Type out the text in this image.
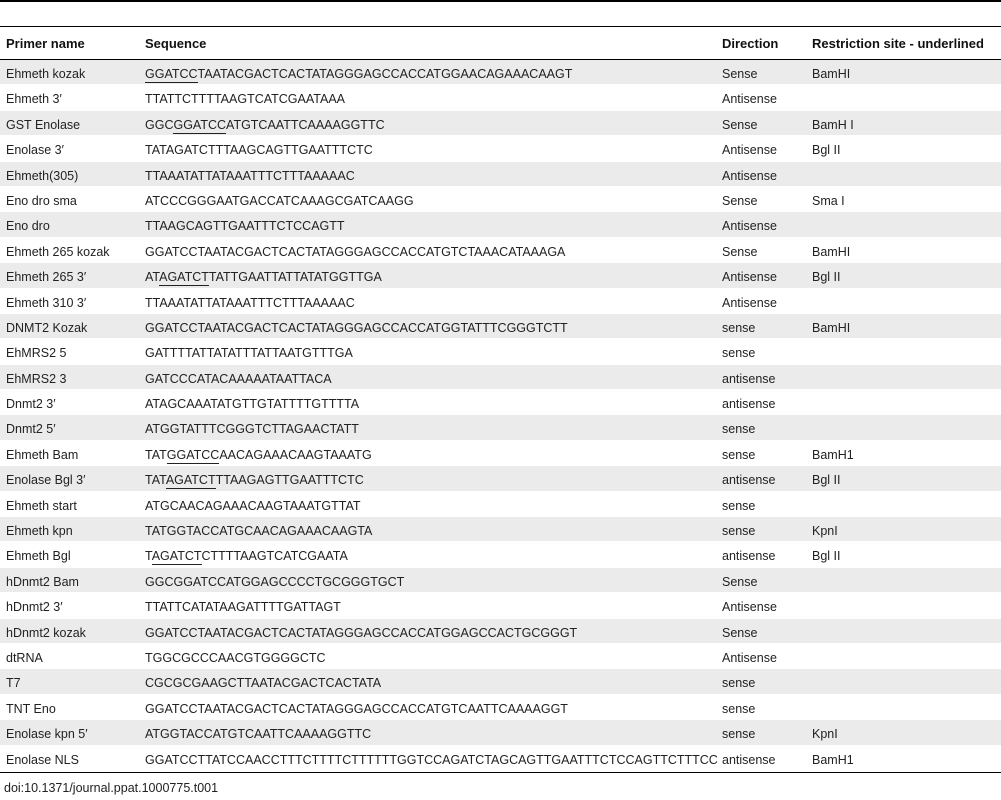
Primer name	Sequence	Direction	Restriction site - underlined
Ehmeth kozak	GGATCCTAATACGACTCACTATAGGGAGCCACCATGGAACAGAAACAAGT	Sense	BamHI
Ehmeth 3′	TTATTCTTTTAAGTCATCGAATAAA	Antisense
GST Enolase	GGCGGATCCATGTCAATTCAAAAGGTTC	Sense	BamH I
Enolase 3′	TATAGATCTTTAAGCAGTTGAATTTCTC	Antisense	Bgl II
Ehmeth(305)	TTAAATATTATAAATTTCTTTAAAAAC	Antisense
Eno dro sma	ATCCCGGGAATGACCATCAAAGCGATCAAGG	Sense	Sma I
Eno dro	TTAAGCAGTTGAATTTCTCCAGTT	Antisense
Ehmeth 265 kozak	GGATCCTAATACGACTCACTATAGGGAGCCACCATGTCTAAACATAAAGA	Sense	BamHI
Ehmeth 265 3′	ATAGATCTTATTGAATTATTATATGGTTGA	Antisense	Bgl II
Ehmeth 310 3′	TTAAATATTATAAATTTCTTTAAAAAC	Antisense
DNMT2 Kozak	GGATCCTAATACGACTCACTATAGGGAGCCACCATGGTATTTCGGGTCTT	sense	BamHI
EhMRS2 5	GATTTTATTATATTTATTAATGTTTGA	sense
EhMRS2 3	GATCCCATACAAAAATAATTACA	antisense
Dnmt2 3′	ATAGCAAATATGTTGTATTTTGTTTTA	antisense
Dnmt2 5′	ATGGTATTTCGGGTCTTAGAACTATT	sense
Ehmeth Bam	TATGGATCCAACAGAAACAAGTAAATG	sense	BamH1
Enolase Bgl 3′	TATAGATCTTTAAGAGTTGAATTTCTC	antisense	Bgl II
Ehmeth start	ATGCAACAGAAACAAGTAAATGTTAT	sense
Ehmeth kpn	TATGGTACCATGCAACAGAAACAAGTA	sense	KpnI
Ehmeth Bgl	TAGATCTCTTTTAAGTCATCGAATA	antisense	Bgl II
hDnmt2 Bam	GGCGGATCCATGGAGCCCCTGCGGGTGCT	Sense
hDnmt2 3′	TTATTCATATAAGATTTTGATTAGT	Antisense
hDnmt2 kozak	GGATCCTAATACGACTCACTATAGGGAGCCACCATGGAGCCACTGCGGGT	Sense
dtRNA	TGGCGCCCAACGTGGGGCTC	Antisense
T7	CGCGCGAAGCTTAATACGACTCACTATA	sense
TNT Eno	GGATCCTAATACGACTCACTATAGGGAGCCACCATGTCAATTCAAAAGGT	sense
Enolase kpn 5′	ATGGTACCATGTCAATTCAAAAGGTTC	sense	KpnI
Enolase NLS	GGATCCTTATCCAACCTTTCTTTTCTTTTTTGGTCCAGATCTAGCAGTTGAATTTCTCCAGTTCTTTCC antisense	BamH1
doi:10.1371/journal.ppat.1000775.t001
